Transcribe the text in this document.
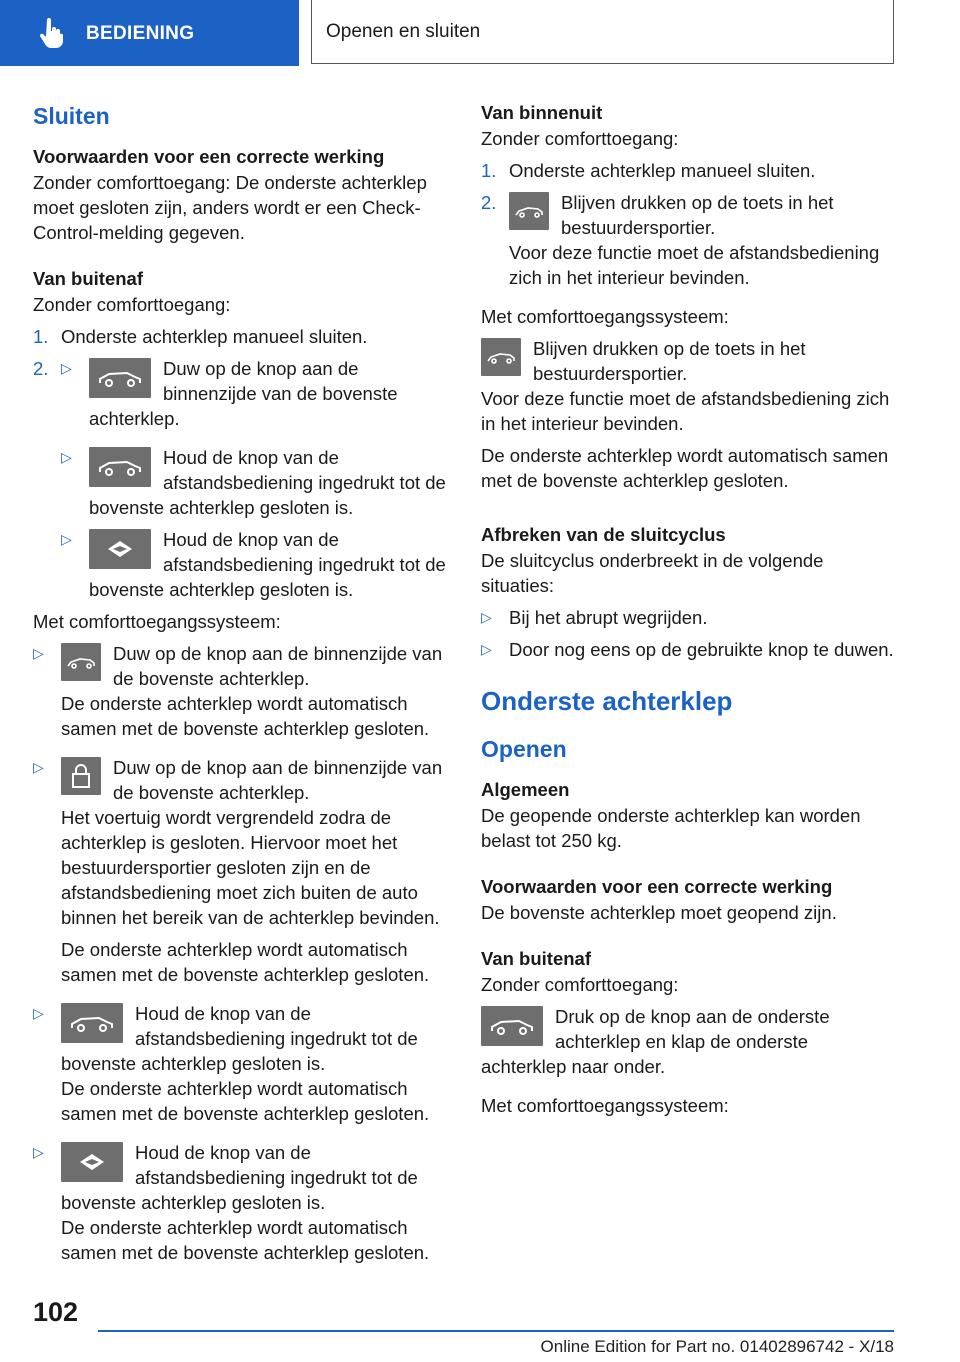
BEDIENING	Openen en sluiten
Sluiten
Voorwaarden voor een correcte werking

Zonder comforttoegang: De onderste achterklep moet gesloten zijn, anders wordt er een Check-Control-melding gegeven.

Van buitenaf

Zonder comforttoegang:

1. Onderste achterklep manueel sluiten.
2. ▷	Duw op de knop aan de binnenzijde van de bovenste achterklep.
▷	Houd de knop van de afstandsbediening ingedrukt tot de bovenste achterklep gesloten is.
▷	Houd de knop van de afstandsbediening ingedrukt tot de bovenste achterklep gesloten is.

Met comforttoegangssysteem:

▷	Duw op de knop aan de binnenzijde van de bovenste achterklep.

De onderste achterklep wordt automatisch samen met de bovenste achterklep gesloten.

▷	Duw op de knop aan de binnenzijde van de bovenste achterklep.

Het voertuig wordt vergrendeld zodra de achterklep is gesloten. Hiervoor moet het bestuurdersportier gesloten zijn en de afstandsbediening moet zich buiten de auto binnen het bereik van de achterklep bevinden.

De onderste achterklep wordt automatisch samen met de bovenste achterklep gesloten.

▷	Houd de knop van de afstandsbediening ingedrukt tot de bovenste achterklep gesloten is.

De onderste achterklep wordt automatisch samen met de bovenste achterklep gesloten.

▷	Houd de knop van de afstandsbediening ingedrukt tot de bovenste achterklep gesloten is.

De onderste achterklep wordt automatisch samen met de bovenste achterklep gesloten.

Van binnenuit

Zonder comforttoegang:

1. Onderste achterklep manueel sluiten.
2.	Blijven drukken op de toets in het bestuurdersportier.

Voor deze functie moet de afstandsbediening zich in het interieur bevinden.

Met comforttoegangssysteem:

Blijven drukken op de toets in het bestuurdersportier.

Voor deze functie moet de afstandsbediening zich in het interieur bevinden.

De onderste achterklep wordt automatisch samen met de bovenste achterklep gesloten.

Afbreken van de sluitcyclus

De sluitcyclus onderbreekt in de volgende situaties:

▷ Bij het abrupt wegrijden.
▷ Door nog eens op de gebruikte knop te duwen.
Onderste achterklep
Openen
Algemeen

De geopende onderste achterklep kan worden belast tot 250 kg.

Voorwaarden voor een correcte werking

De bovenste achterklep moet geopend zijn.

Van buitenaf

Zonder comforttoegang:

Druk op de knop aan de onderste achterklep en klap de onderste achterklep naar onder.

Met comforttoegangssysteem:

102
Online Edition for Part no. 01402896742 - X/18
